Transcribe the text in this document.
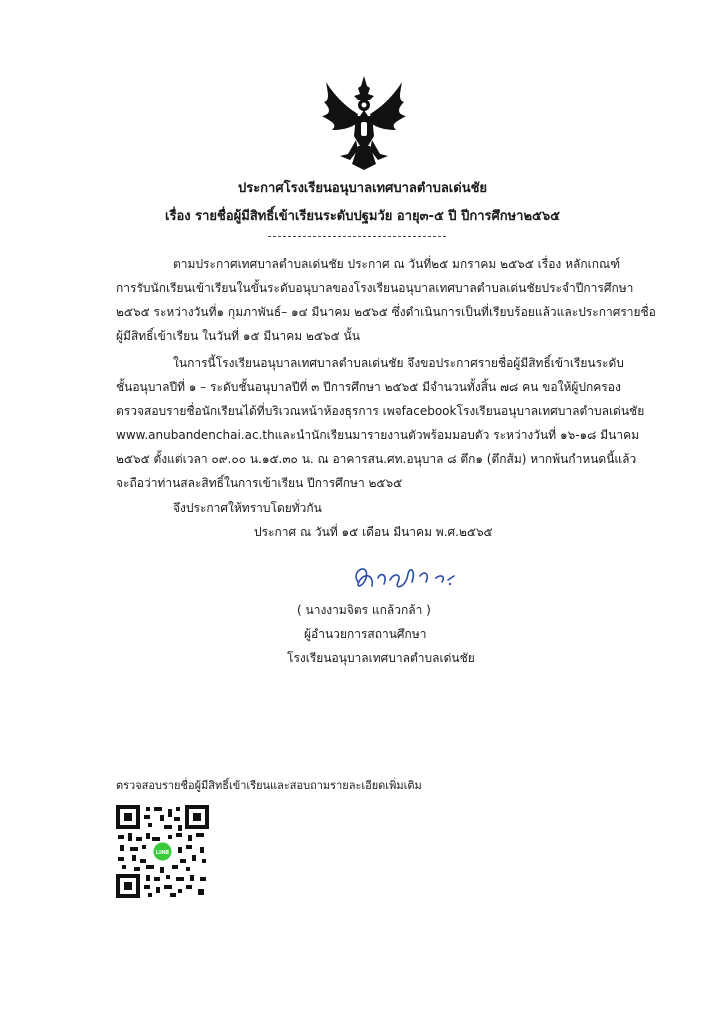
ประกาศโรงเรียนอนุบาลเทศบาลตำบลเด่นชัย
เรื่อง รายชื่อผู้มีสิทธิ์เข้าเรียนระดับปฐมวัย อายุ๓-๕ ปี ปีการศึกษา๒๕๖๕
ตามประกาศเทศบาลตำบลเด่นชัย ประกาศ ณ วันที่๒๕ มกราคม ๒๕๖๕ เรื่อง หลักเกณฑ์
การรับนักเรียนเข้าเรียนในขั้นระดับอนุบาลของโรงเรียนอนุบาลเทศบาลตำบลเด่นชัยประจำปีการศึกษา
๒๕๖๕ ระหว่างวันที่๑ กุมภาพันธ์– ๑๔ มีนาคม ๒๕๖๕ ซึ่งดำเนินการเป็นที่เรียบร้อยแล้วและประกาศรายชื่อ
ผู้มีสิทธิ์เข้าเรียน ในวันที่ ๑๕ มีนาคม ๒๕๖๕ นั้น
ในการนี้โรงเรียนอนุบาลเทศบาลตำบลเด่นชัย จึงขอประกาศรายชื่อผู้มีสิทธิ์เข้าเรียนระดับ
ชั้นอนุบาลปีที่ ๑ – ระดับชั้นอนุบาลปีที่ ๓ ปีการศึกษา ๒๕๖๕ มีจำนวนทั้งสิ้น ๗๘ คน ขอให้ผู้ปกครอง
ตรวจสอบรายชื่อนักเรียนได้ที่บริเวณหน้าห้องธุรการ เพจfacebookโรงเรียนอนุบาลเทศบาลตำบลเด่นชัย
www.anubandenchai.ac.thและนำนักเรียนมารายงานตัวพร้อมมอบตัว ระหว่างวันที่ ๑๖-๑๘ มีนาคม
๒๕๖๕ ตั้งแต่เวลา ๐๙.๐๐ น.๑๕.๓๐ น. ณ อาคารสน.ศท.อนุบาล ๘ ตึก๑ (ตึกส้ม) หากพ้นกำหนดนี้แล้ว
จะถือว่าท่านสละสิทธิ์ในการเข้าเรียน ปีการศึกษา ๒๕๖๕
จึงประกาศให้ทราบโดยทั่วกัน
ประกาศ ณ วันที่ ๑๕ เดือน มีนาคม พ.ศ.๒๕๖๕
( นางงามจิตร แกล้วกล้า )
ผู้อำนวยการสถานศึกษา
โรงเรียนอนุบาลเทศบาลตำบลเด่นชัย
ตรวจสอบรายชื่อผู้มีสิทธิ์เข้าเรียนและสอบถามรายละเอียดเพิ่มเติม
LINE
